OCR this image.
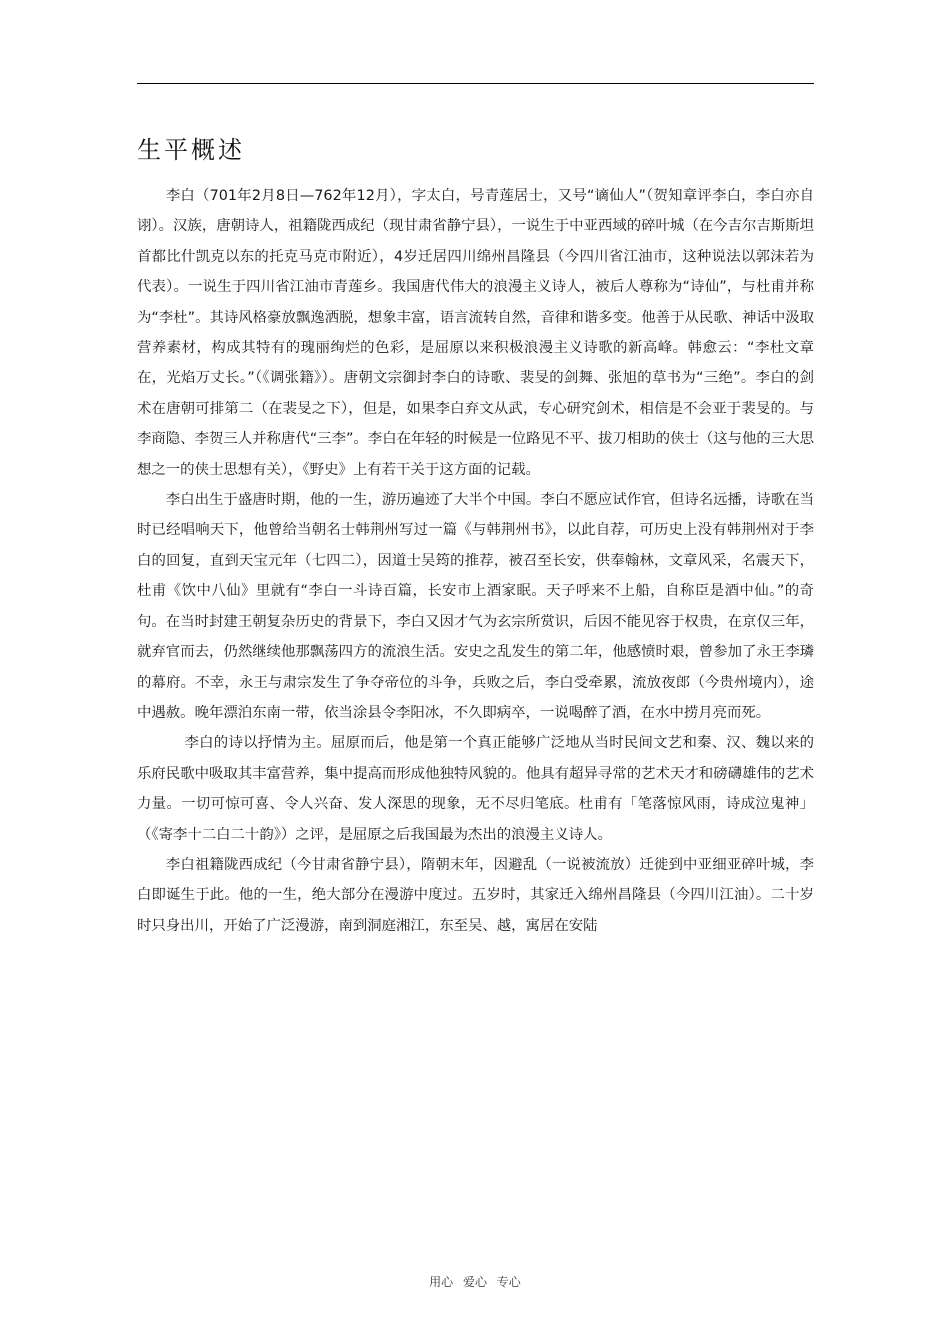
生平概述

李白（701年2月8日—762年12月），字太白，号青莲居士，又号“谪仙人”（贺知章评李白，李白亦自诩）。汉族，唐朝诗人，祖籍陇西成纪（现甘肃省静宁县），一说生于中亚西域的碎叶城（在今吉尔吉斯斯坦首都比什凯克以东的托克马克市附近），4岁迁居四川绵州昌隆县（今四川省江油市，这种说法以郭沫若为代表）。一说生于四川省江油市青莲乡。我国唐代伟大的浪漫主义诗人，被后人尊称为“诗仙”，与杜甫并称为“李杜”。其诗风格豪放飘逸洒脱，想象丰富，语言流转自然，音律和谐多变。他善于从民歌、神话中汲取营养素材，构成其特有的瑰丽绚烂的色彩，是屈原以来积极浪漫主义诗歌的新高峰。韩愈云：“李杜文章在，光焰万丈长。”（《调张籍》）。唐朝文宗御封李白的诗歌、裴旻的剑舞、张旭的草书为“三绝”。李白的剑术在唐朝可排第二（在裴旻之下），但是，如果李白弃文从武，专心研究剑术，相信是不会亚于裴旻的。与李商隐、李贺三人并称唐代“三李”。李白在年轻的时候是一位路见不平、拔刀相助的侠士（这与他的三大思想之一的侠士思想有关），《野史》上有若干关于这方面的记载。

李白出生于盛唐时期，他的一生，游历遍迹了大半个中国。李白不愿应试作官，但诗名远播，诗歌在当时已经唱响天下，他曾给当朝名士韩荆州写过一篇《与韩荆州书》，以此自荐，可历史上没有韩荆州对于李白的回复，直到天宝元年（七四二），因道士吴筠的推荐，被召至长安，供奉翰林，文章风采，名震天下，杜甫《饮中八仙》里就有“李白一斗诗百篇，长安市上酒家眠。天子呼来不上船，自称臣是酒中仙。”的奇句。在当时封建王朝复杂历史的背景下，李白又因才气为玄宗所赏识，后因不能见容于权贵，在京仅三年，就弃官而去，仍然继续他那飘荡四方的流浪生活。安史之乱发生的第二年，他感愤时艰，曾参加了永王李璘的幕府。不幸，永王与肃宗发生了争夺帝位的斗争，兵败之后，李白受牵累，流放夜郎（今贵州境内），途中遇赦。晚年漂泊东南一带，依当涂县令李阳冰，不久即病卒，一说喝醉了酒，在水中捞月亮而死。

李白的诗以抒情为主。屈原而后，他是第一个真正能够广泛地从当时民间文艺和秦、汉、魏以来的乐府民歌中吸取其丰富营养，集中提高而形成他独特风貌的。他具有超异寻常的艺术天才和磅礴雄伟的艺术力量。一切可惊可喜、令人兴奋、发人深思的现象，无不尽归笔底。杜甫有「笔落惊风雨，诗成泣鬼神」（《寄李十二白二十韵》）之评，是屈原之后我国最为杰出的浪漫主义诗人。

李白祖籍陇西成纪（今甘肃省静宁县），隋朝末年，因避乱（一说被流放）迁徙到中亚细亚碎叶城，李白即诞生于此。他的一生，绝大部分在漫游中度过。五岁时，其家迁入绵州昌隆县（今四川江油）。二十岁时只身出川，开始了广泛漫游，南到洞庭湘江，东至吴、越，寓居在安陆

用心 爱心 专心
